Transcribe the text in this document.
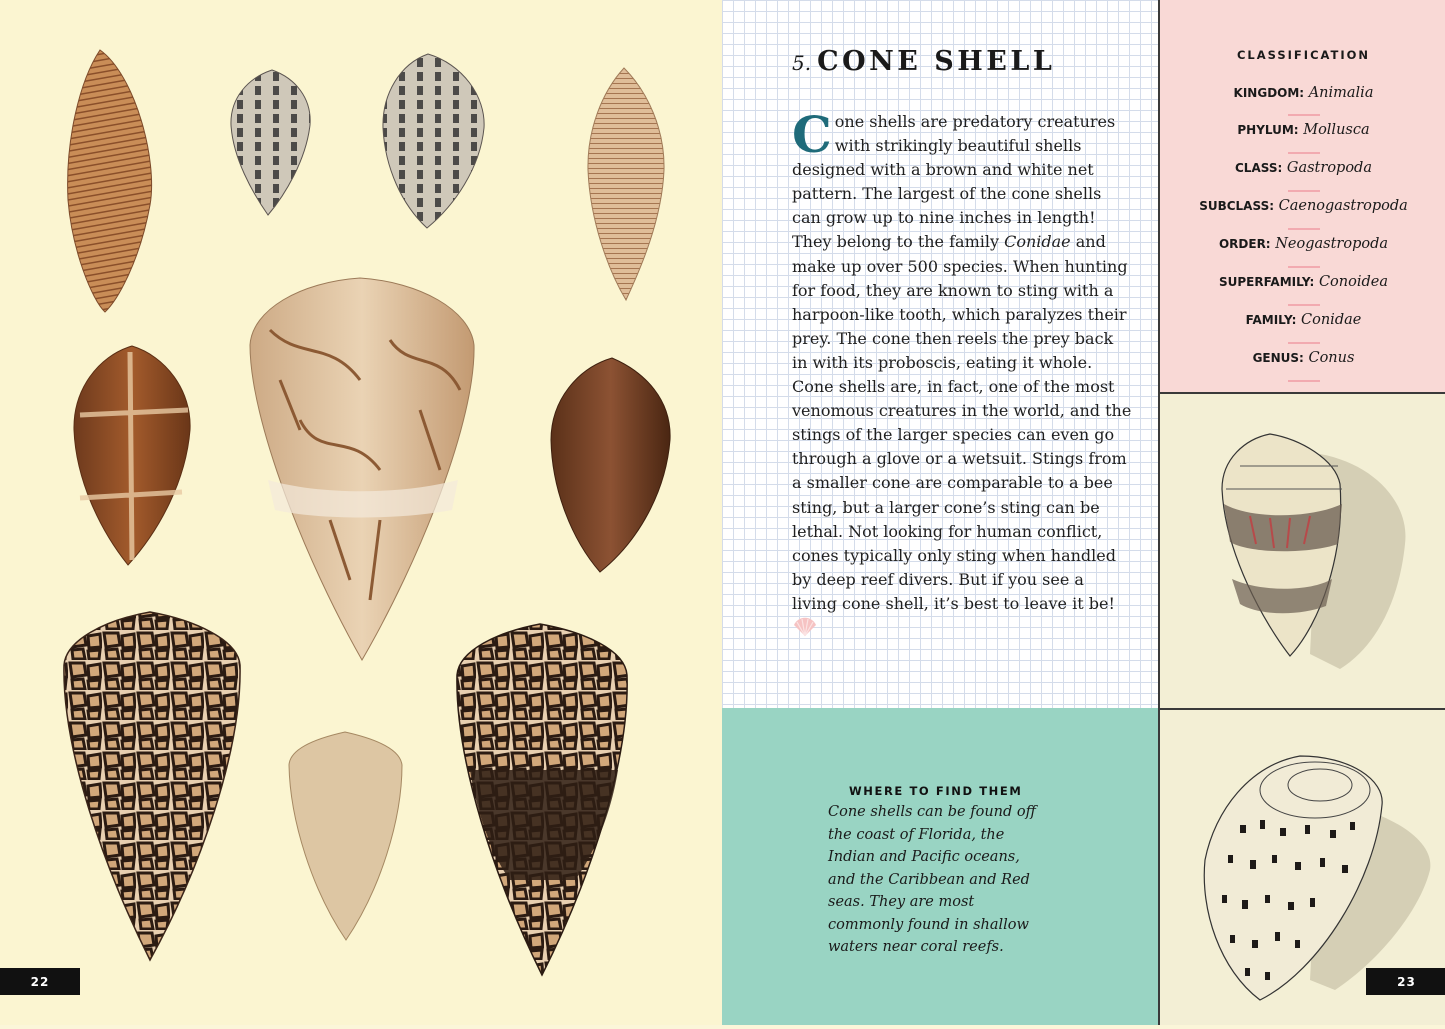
22
5. CONE SHELL

Cone shells are predatory creatures with strikingly beautiful shells designed with a brown and white net pattern. The largest of the cone shells can grow up to nine inches in length! They belong to the family Conidae and make up over 500 species. When hunting for food, they are known to sting with a harpoon-like tooth, which paralyzes their prey. The cone then reels the prey back in with its proboscis, eating it whole. Cone shells are, in fact, one of the most venomous creatures in the world, and the stings of the larger species can even go through a glove or a wetsuit. Stings from a smaller cone are comparable to a bee sting, but a larger cone’s sting can be lethal. Not looking for human conflict, cones typically only sting when handled by deep reef divers. But if you see a living cone shell, it’s best to leave it be!

WHERE TO FIND THEM

Cone shells can be found off the coast of Florida, the Indian and Pacific oceans, and the Caribbean and Red seas. They are most commonly found in shallow waters near coral reefs.

CLASSIFICATION
KINGDOM: Animalia
PHYLUM: Mollusca
CLASS: Gastropoda
SUBCLASS: Caenogastropoda
ORDER: Neogastropoda
SUPERFAMILY: Conoidea
FAMILY: Conidae
GENUS: Conus
23
